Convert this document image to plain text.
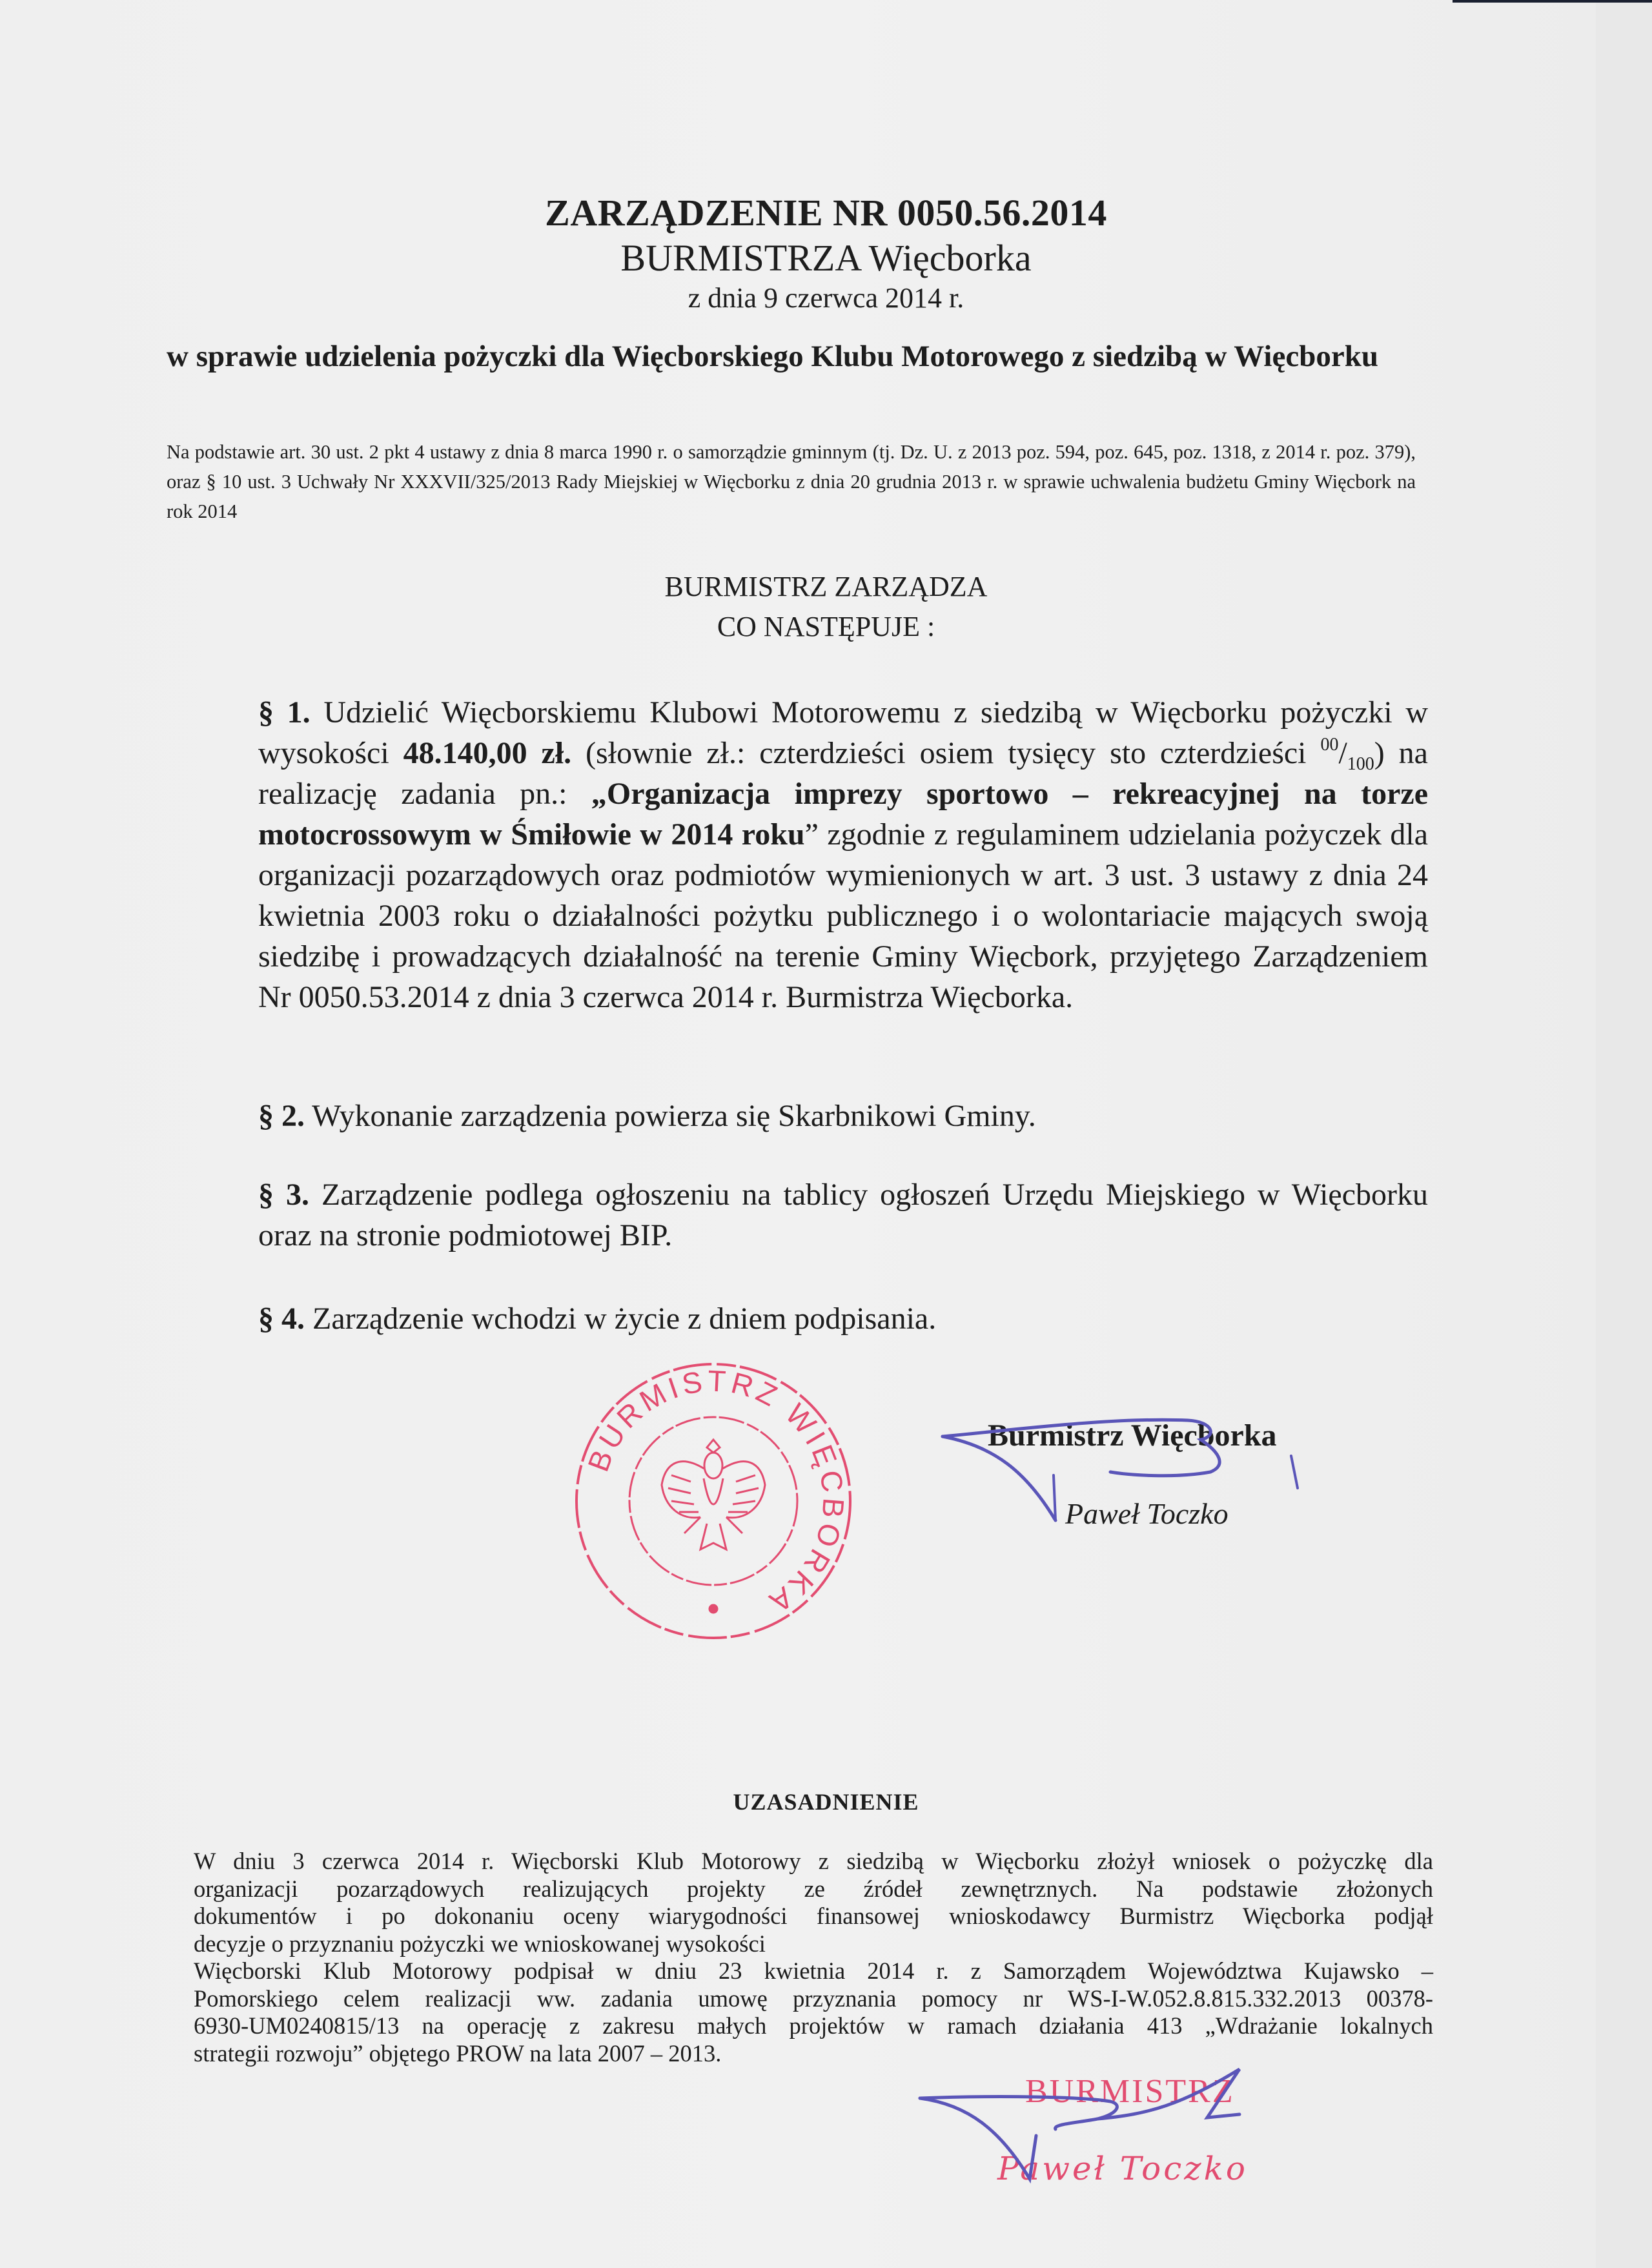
ZARZĄDZENIE NR 0050.56.2014
BURMISTRZA Więcborka
z dnia 9 czerwca 2014 r.
w sprawie udzielenia pożyczki dla Więcborskiego Klubu Motorowego z siedzibą w Więcborku
Na podstawie art. 30 ust. 2 pkt 4 ustawy z dnia 8 marca 1990 r. o samorządzie gminnym (tj. Dz. U. z 2013 poz. 594, poz. 645, poz. 1318, z 2014 r. poz. 379), oraz § 10 ust. 3 Uchwały Nr XXXVII/325/2013 Rady Miejskiej w Więcborku z dnia 20 grudnia 2013 r. w sprawie uchwalenia budżetu Gminy Więcbork na rok 2014
BURMISTRZ ZARZĄDZA
CO NASTĘPUJE :
§ 1. Udzielić Więcborskiemu Klubowi Motorowemu z siedzibą w Więcborku pożyczki w wysokości 48.140,00 zł. (słownie zł.: czterdzieści osiem tysięcy sto czterdzieści $^{00}/_{100}$) na realizację zadania pn.: „Organizacja imprezy sportowo – rekreacyjnej na torze motocrossowym w Śmiłowie w 2014 roku” zgodnie z regulaminem udzielania pożyczek dla organizacji pozarządowych oraz podmiotów wymienionych w art. 3 ust. 3 ustawy z dnia 24 kwietnia 2003 roku o działalności pożytku publicznego i o wolontariacie mających swoją siedzibę i prowadzących działalność na terenie Gminy Więcbork, przyjętego Zarządzeniem Nr 0050.53.2014 z dnia 3 czerwca 2014 r. Burmistrza Więcborka.
§ 2. Wykonanie zarządzenia powierza się Skarbnikowi Gminy.
§ 3. Zarządzenie podlega ogłoszeniu na tablicy ogłoszeń Urzędu Miejskiego w Więcborku oraz na stronie podmiotowej BIP.
§ 4. Zarządzenie wchodzi w życie z dniem podpisania.
BURMISTRZ WIĘCBORKA
Burmistrz Więcborka
Paweł Toczko
UZASADNIENIE
W dniu 3 czerwca 2014 r. Więcborski Klub Motorowy z siedzibą w Więcborku złożył wniosek o pożyczkę dla
organizacji pozarządowych realizujących projekty ze źródeł zewnętrznych. Na podstawie złożonych
dokumentów i po dokonaniu oceny wiarygodności finansowej wnioskodawcy Burmistrz Więcborka podjął
decyzje o przyznaniu pożyczki we wnioskowanej wysokości
Więcborski Klub Motorowy podpisał w dniu 23 kwietnia 2014 r. z Samorządem Województwa Kujawsko –
Pomorskiego celem realizacji ww. zadania umowę przyznania pomocy nr WS-I-W.052.8.815.332.2013 00378-
6930-UM0240815/13 na operację z zakresu małych projektów w ramach działania 413 „Wdrażanie lokalnych
strategii rozwoju” objętego PROW na lata 2007 – 2013.
BURMISTRZ
Paweł Toczko
